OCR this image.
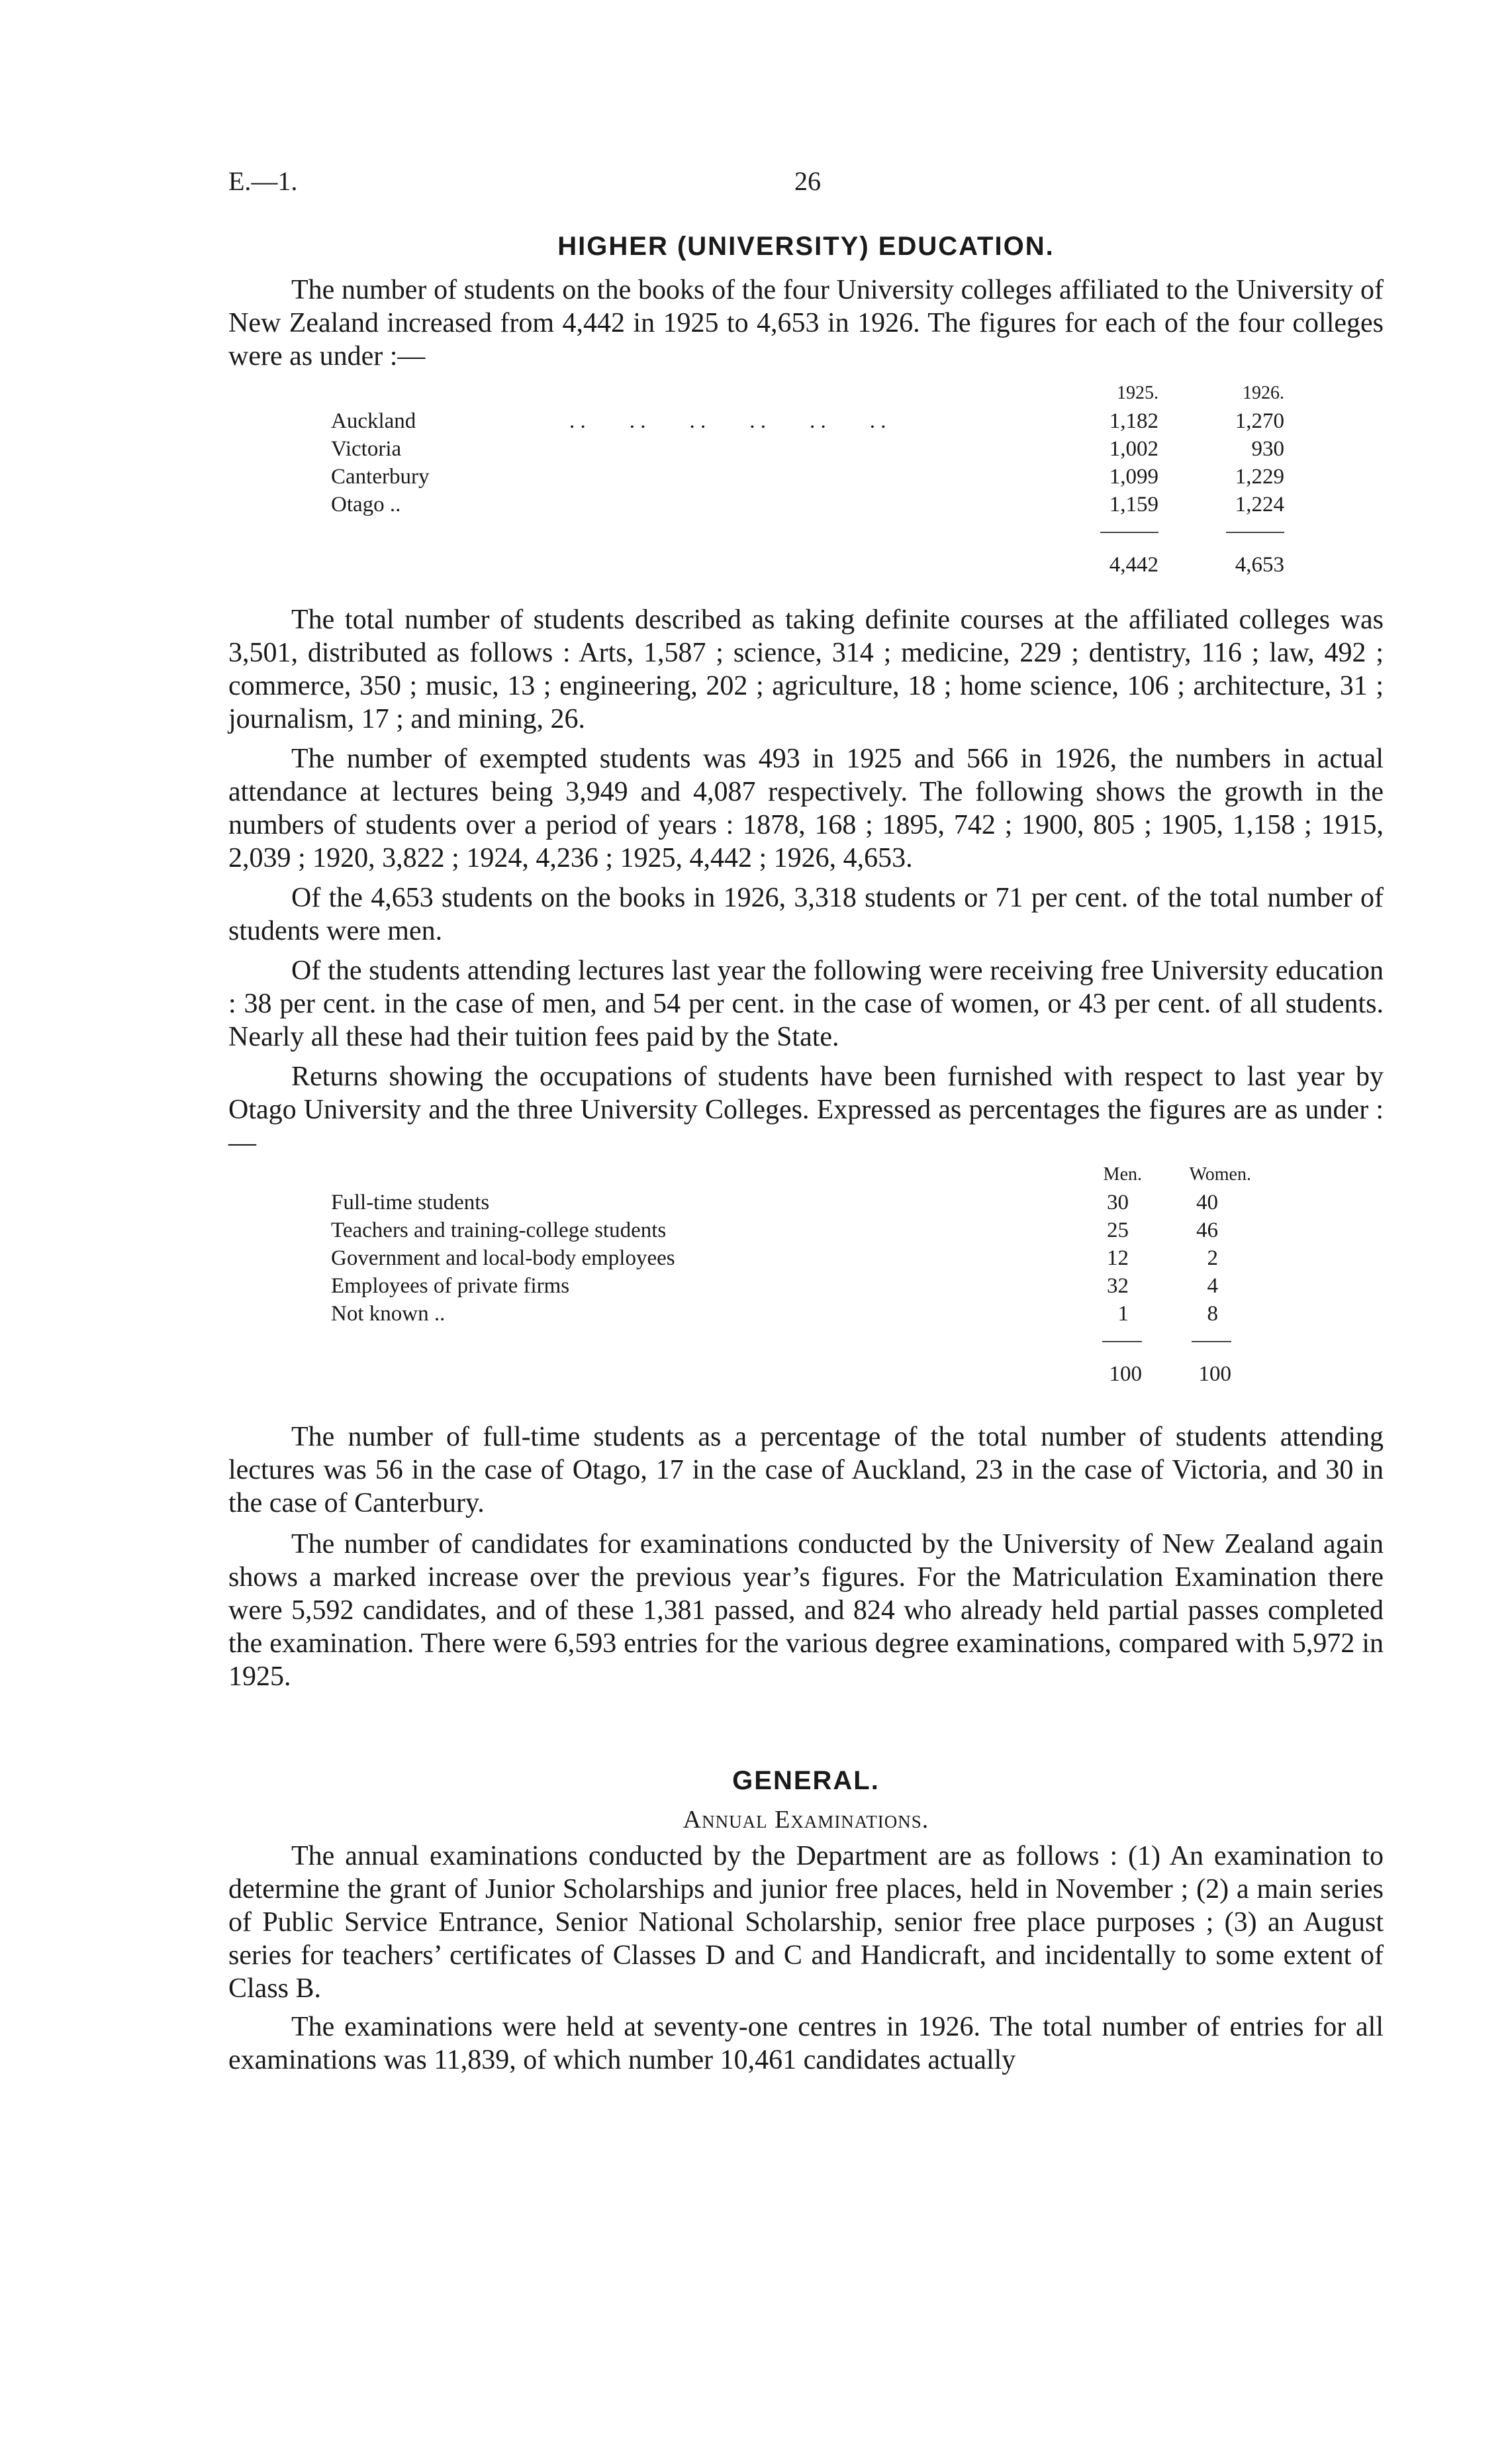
E.—1.	26
HIGHER (UNIVERSITY) EDUCATION.

The number of students on the books of the four University colleges affiliated to the University of New Zealand increased from 4,442 in 1925 to 4,653 in 1926. The figures for each of the four colleges were as under :—

	1925.	1926.
Auckland . .        . .        . .        . .        . .        . .	1,182	1,270
Victoria	1,002	930
Canterbury	1,099	1,229
Otago ..	1,159	1,224

	4,442	4,653

The total number of students described as taking definite courses at the affiliated colleges was 3,501, distributed as follows : Arts, 1,587 ; science, 314 ; medicine, 229 ; dentistry, 116 ; law, 492 ; commerce, 350 ; music, 13 ; engineering, 202 ; agriculture, 18 ; home science, 106 ; architecture, 31 ; journalism, 17 ; and mining, 26.

The number of exempted students was 493 in 1925 and 566 in 1926, the numbers in actual attendance at lectures being 3,949 and 4,087 respectively. The following shows the growth in the numbers of students over a period of years : 1878, 168 ; 1895, 742 ; 1900, 805 ; 1905, 1,158 ; 1915, 2,039 ; 1920, 3,822 ; 1924, 4,236 ; 1925, 4,442 ; 1926, 4,653.

Of the 4,653 students on the books in 1926, 3,318 students or 71 per cent. of the total number of students were men.

Of the students attending lectures last year the following were receiving free University education : 38 per cent. in the case of men, and 54 per cent. in the case of women, or 43 per cent. of all students. Nearly all these had their tuition fees paid by the State.

Returns showing the occupations of students have been furnished with respect to last year by Otago University and the three University Colleges. Expressed as percentages the figures are as under :—

	Men.	Women.
Full-time students	30	40
Teachers and training-college students	25	46
Government and local-body employees	12	2
Employees of private firms	32	4
Not known ..	1	8

	100	100

The number of full-time students as a percentage of the total number of students attending lectures was 56 in the case of Otago, 17 in the case of Auckland, 23 in the case of Victoria, and 30 in the case of Canterbury.

The number of candidates for examinations conducted by the University of New Zealand again shows a marked increase over the previous year’s figures. For the Matriculation Examination there were 5,592 candidates, and of these 1,381 passed, and 824 who already held partial passes completed the examination. There were 6,593 entries for the various degree examinations, compared with 5,972 in 1925.

GENERAL.
Annual Examinations.

The annual examinations conducted by the Department are as follows : (1) An examination to determine the grant of Junior Scholarships and junior free places, held in November ; (2) a main series of Public Service Entrance, Senior National Scholarship, senior free place purposes ; (3) an August series for teachers’ certificates of Classes D and C and Handicraft, and incidentally to some extent of Class B.

The examinations were held at seventy-one centres in 1926. The total number of entries for all examinations was 11,839, of which number 10,461 candidates actually
